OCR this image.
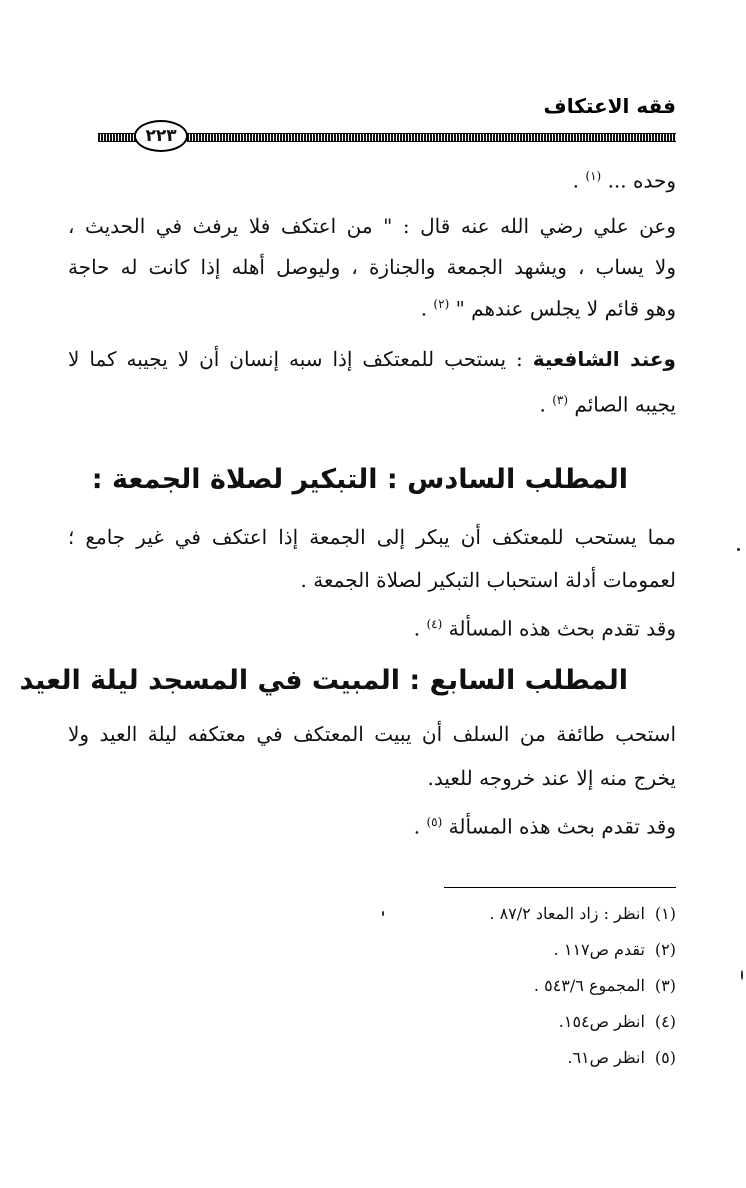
فقه الاعتكاف
٢٢٣
وحده ... $^{(١)}$ .
وعن علي رضي الله عنه قال : " من اعتكف فلا يرفث في الحديث ،
ولا يساب ، ويشهد الجمعة والجنازة ، وليوصل أهله إذا كانت له حاجة
وهو قائم لا يجلس عندهم " $^{(٢)}$ .
وعند الشافعية : يستحب للمعتكف إذا سبه إنسان أن لا يجيبه كما لا
يجيبه الصائم $^{(٣)}$ .
المطلب السادس : التبكير لصلاة الجمعة :
مما يستحب للمعتكف أن يبكر إلى الجمعة إذا اعتكف في غير جامع ؛
لعمومات أدلة استحباب التبكير لصلاة الجمعة .
وقد تقدم بحث هذه المسألة $^{(٤)}$ .
المطلب السابع : المبيت في المسجد ليلة العيد
استحب طائفة من السلف أن يبيت المعتكف في معتكفه ليلة العيد ولا
يخرج منه إلا عند خروجه للعيد.
وقد تقدم بحث هذه المسألة $^{(٥)}$ .
(١)انظر : زاد المعاد ٨٧/٢ .
(٢)تقدم ص١١٧ .
(٣)المجموع ٥٤٣/٦ .
(٤)انظر ص١٥٤.
(٥)انظر ص٦١.
